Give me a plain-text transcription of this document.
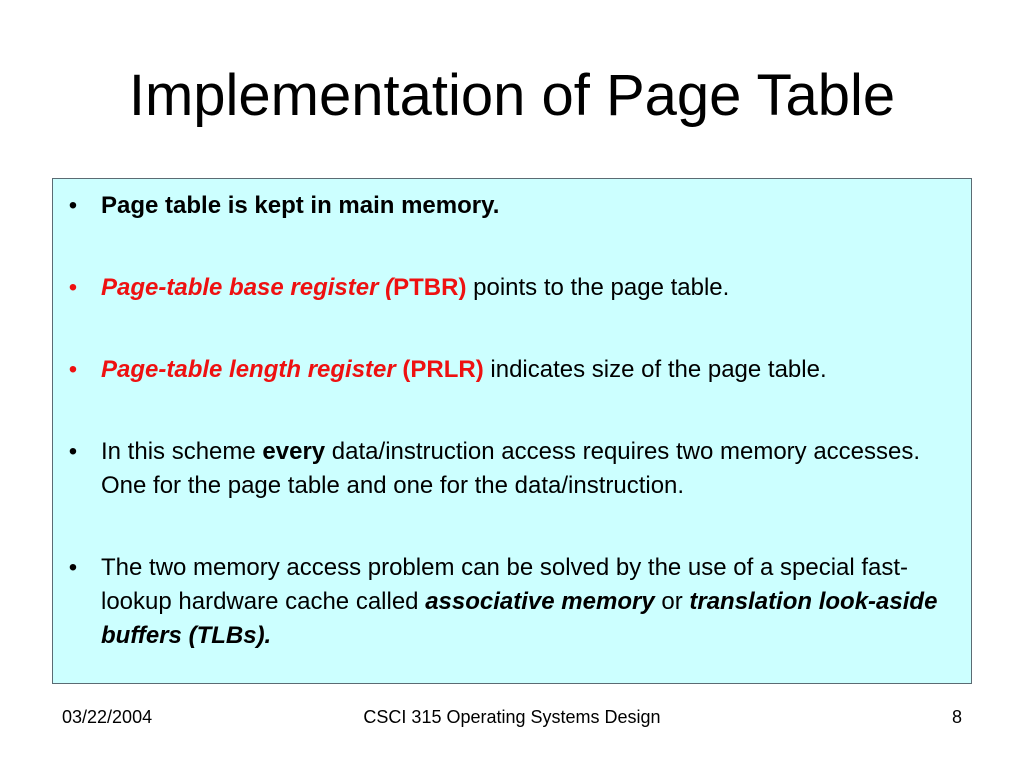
Implementation of Page Table
• Page table is kept in main memory.
• Page-table base register (PTBR) points to the page table.
• Page-table length register (PRLR) indicates size of the page table.
• In this scheme every data/instruction access requires two memory accesses. One for the page table and one for the data/instruction.
• The two memory access problem can be solved by the use of a special fast-lookup hardware cache called associative memory or translation look-aside buffers (TLBs).
03/22/2004	CSCI 315 Operating Systems Design	8
